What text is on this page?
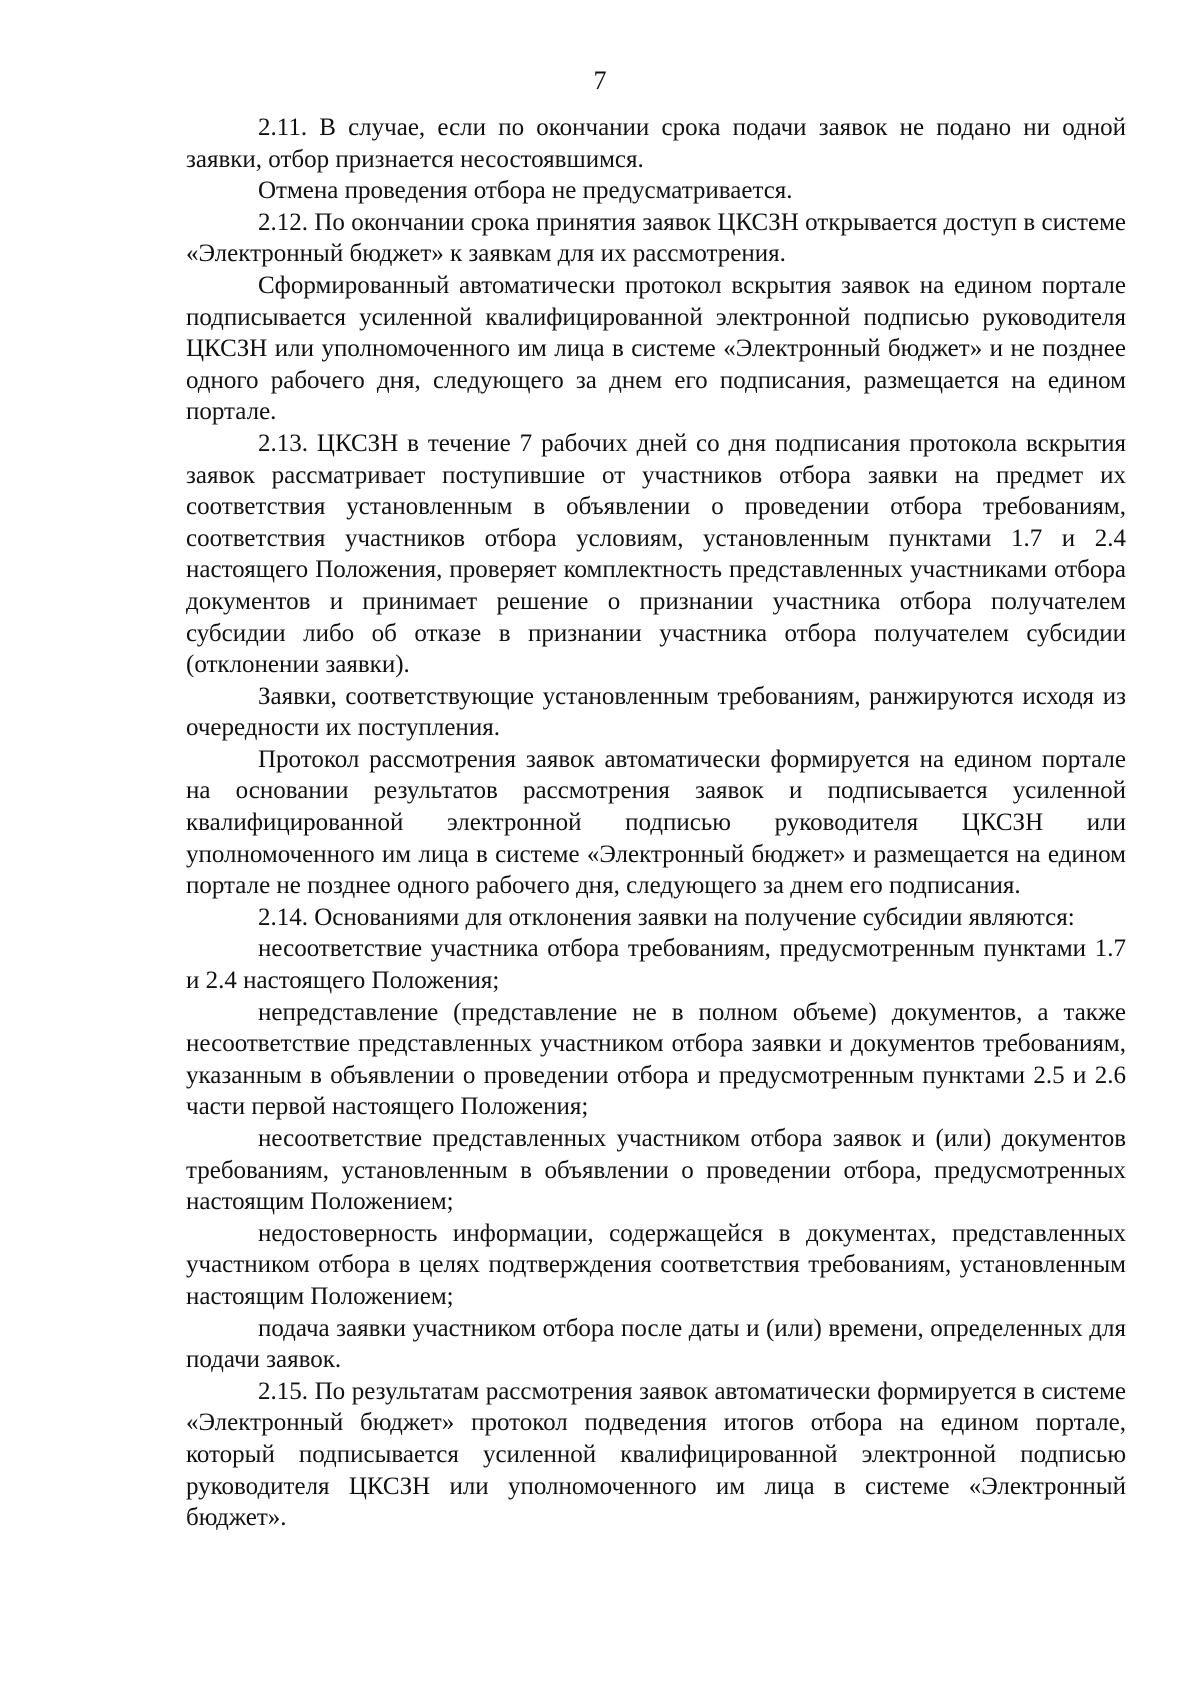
7

2.11. В случае, если по окончании срока подачи заявок не подано ни одной заявки, отбор признается несостоявшимся.

Отмена проведения отбора не предусматривается.

2.12. По окончании срока принятия заявок ЦКСЗН открывается доступ в системе «Электронный бюджет» к заявкам для их рассмотрения.

Сформированный автоматически протокол вскрытия заявок на едином портале подписывается усиленной квалифицированной электронной подписью руководителя ЦКСЗН или уполномоченного им лица в системе «Электронный бюджет» и не позднее одного рабочего дня, следующего за днем его подписания, размещается на едином портале.

2.13. ЦКСЗН в течение 7 рабочих дней со дня подписания протокола вскрытия заявок рассматривает поступившие от участников отбора заявки на предмет их соответствия установленным в объявлении о проведении отбора требованиям, соответствия участников отбора условиям, установленным пунктами 1.7 и 2.4 настоящего Положения, проверяет комплектность представленных участниками отбора документов и принимает решение о признании участника отбора получателем субсидии либо об отказе в признании участника отбора получателем субсидии (отклонении заявки).

Заявки, соответствующие установленным требованиям, ранжируются исходя из очередности их поступления.

Протокол рассмотрения заявок автоматически формируется на едином портале на основании результатов рассмотрения заявок и подписывается усиленной квалифицированной электронной подписью руководителя ЦКСЗН или уполномоченного им лица в системе «Электронный бюджет» и размещается на едином портале не позднее одного рабочего дня, следующего за днем его подписания.

2.14. Основаниями для отклонения заявки на получение субсидии являются:

несоответствие участника отбора требованиям, предусмотренным пунктами 1.7 и 2.4 настоящего Положения;

непредставление (представление не в полном объеме) документов, а также несоответствие представленных участником отбора заявки и документов требованиям, указанным в объявлении о проведении отбора и предусмотренным пунктами 2.5 и 2.6 части первой настоящего Положения;

несоответствие представленных участником отбора заявок и (или) документов требованиям, установленным в объявлении о проведении отбора, предусмотренных настоящим Положением;

недостоверность информации, содержащейся в документах, представленных участником отбора в целях подтверждения соответствия требованиям, установленным настоящим Положением;

подача заявки участником отбора после даты и (или) времени, определенных для подачи заявок.

2.15. По результатам рассмотрения заявок автоматически формируется в системе «Электронный бюджет» протокол подведения итогов отбора на едином портале, который подписывается усиленной квалифицированной электронной подписью руководителя ЦКСЗН или уполномоченного им лица в системе «Электронный бюджет».
